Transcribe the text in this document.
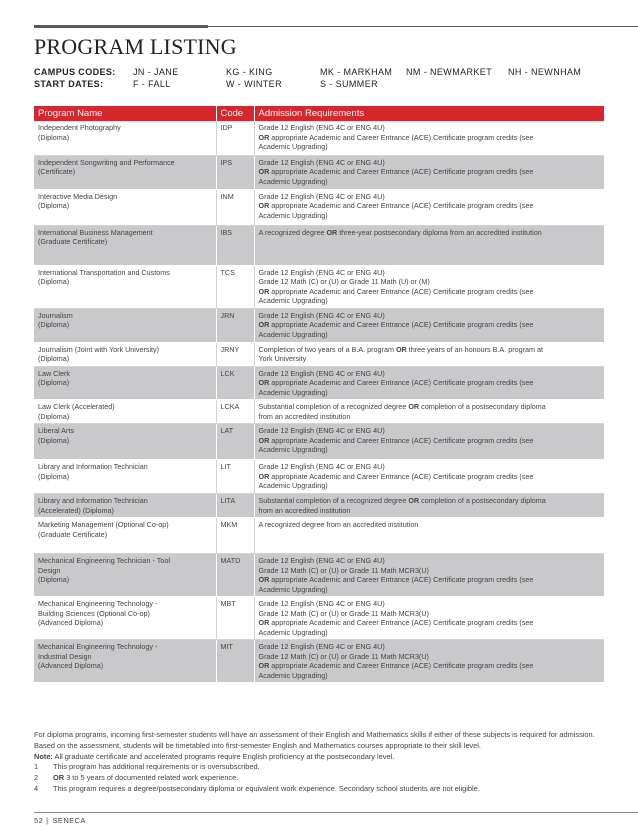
PROGRAM LISTING
CAMPUS CODES:	JN - JANE	KG - KING	MK - MARKHAM	NM - NEWMARKET	NH - NEWNHAM
START DATES:	F - FALL	W - WINTER	S - SUMMER
Program Name	Code	Admission Requirements

Independent Photography
(Diploma)	IDP	Grade 12 English (ENG 4C or ENG 4U)
OR appropriate Academic and Career Entrance (ACE) Certificate program credits (see
Academic Upgrading)

Independent Songwriting and Performance
(Certificate)	IPS	Grade 12 English (ENG 4C or ENG 4U)
OR appropriate Academic and Career Entrance (ACE) Certificate program credits (see
Academic Upgrading)

Interactive Media Design
(Diploma)	INM	Grade 12 English (ENG 4C or ENG 4U)
OR appropriate Academic and Career Entrance (ACE) Certificate program credits (see
Academic Upgrading)

International Business Management
(Graduate Certificate)	IBS	A recognized degree OR three-year postsecondary diploma from an accredited institution

International Transportation and Customs
(Diploma)	TCS	Grade 12 English (ENG 4C or ENG 4U)
Grade 12 Math (C) or (U) or Grade 11 Math (U) or (M)
OR appropriate Academic and Career Entrance (ACE) Certificate program credits (see
Academic Upgrading)

Journalism
(Diploma)	JRN	Grade 12 English (ENG 4C or ENG 4U)
OR appropriate Academic and Career Entrance (ACE) Certificate program credits (see
Academic Upgrading)

Journalism (Joint with York University)
(Diploma)	JRNY	Completion of two years of a B.A. program OR three years of an honours B.A. program at
York University

Law Clerk
(Diploma)	LCK	Grade 12 English (ENG 4C or ENG 4U)
OR appropriate Academic and Career Entrance (ACE) Certificate program credits (see
Academic Upgrading)

Law Clerk (Accelerated)
(Diploma)	LCKA	Substantial completion of a recognized degree OR completion of a postsecondary diploma
from an accredited institution

Liberal Arts
(Diploma)	LAT	Grade 12 English (ENG 4C or ENG 4U)
OR appropriate Academic and Career Entrance (ACE) Certificate program credits (see
Academic Upgrading)

Library and Information Technician
(Diploma)	LIT	Grade 12 English (ENG 4C or ENG 4U)
OR appropriate Academic and Career Entrance (ACE) Certificate program credits (see
Academic Upgrading)

Library and Information Technician
(Accelerated) (Diploma)	LITA	Substantial completion of a recognized degree OR completion of a postsecondary diploma
from an accredited institution

Marketing Management (Optional Co-op)
(Graduate Certificate)	MKM	A recognized degree from an accredited institution

Mechanical Engineering Technician - Tool
Design
(Diploma)	MATD	Grade 12 English (ENG 4C or ENG 4U)
Grade 12 Math (C) or (U) or Grade 11 Math MCR3(U)
OR appropriate Academic and Career Entrance (ACE) Certificate program credits (see
Academic Upgrading)

Mechanical Engineering Technology -
Building Sciences (Optional Co-op)
(Advanced Diploma)	MBT	Grade 12 English (ENG 4C or ENG 4U)
Grade 12 Math (C) or (U) or Grade 11 Math MCR3(U)
OR appropriate Academic and Career Entrance (ACE) Certificate program credits (see
Academic Upgrading)

Mechanical Engineering Technology -
Industrial Design
(Advanced Diploma)	MIT	Grade 12 English (ENG 4C or ENG 4U)
Grade 12 Math (C) or (U) or Grade 11 Math MCR3(U)
OR appropriate Academic and Career Entrance (ACE) Certificate program credits (see
Academic Upgrading)

For diploma programs, incoming first-semester students will have an assessment of their English and Mathematics skills if either of these subjects is required for admission. Based on the assessment, students will be timetabled into first-semester English and Mathematics courses appropriate to their skill level.

Note: All graduate certificate and accelerated programs require English proficiency at the postsecondary level.

1	This program has additional requirements or is oversubscribed.
2	OR 3 to 5 years of documented related work experience.
4	This program requires a degree/postsecondary diploma or equivalent work experience. Secondary school students are not eligible.
52 | SENECA
